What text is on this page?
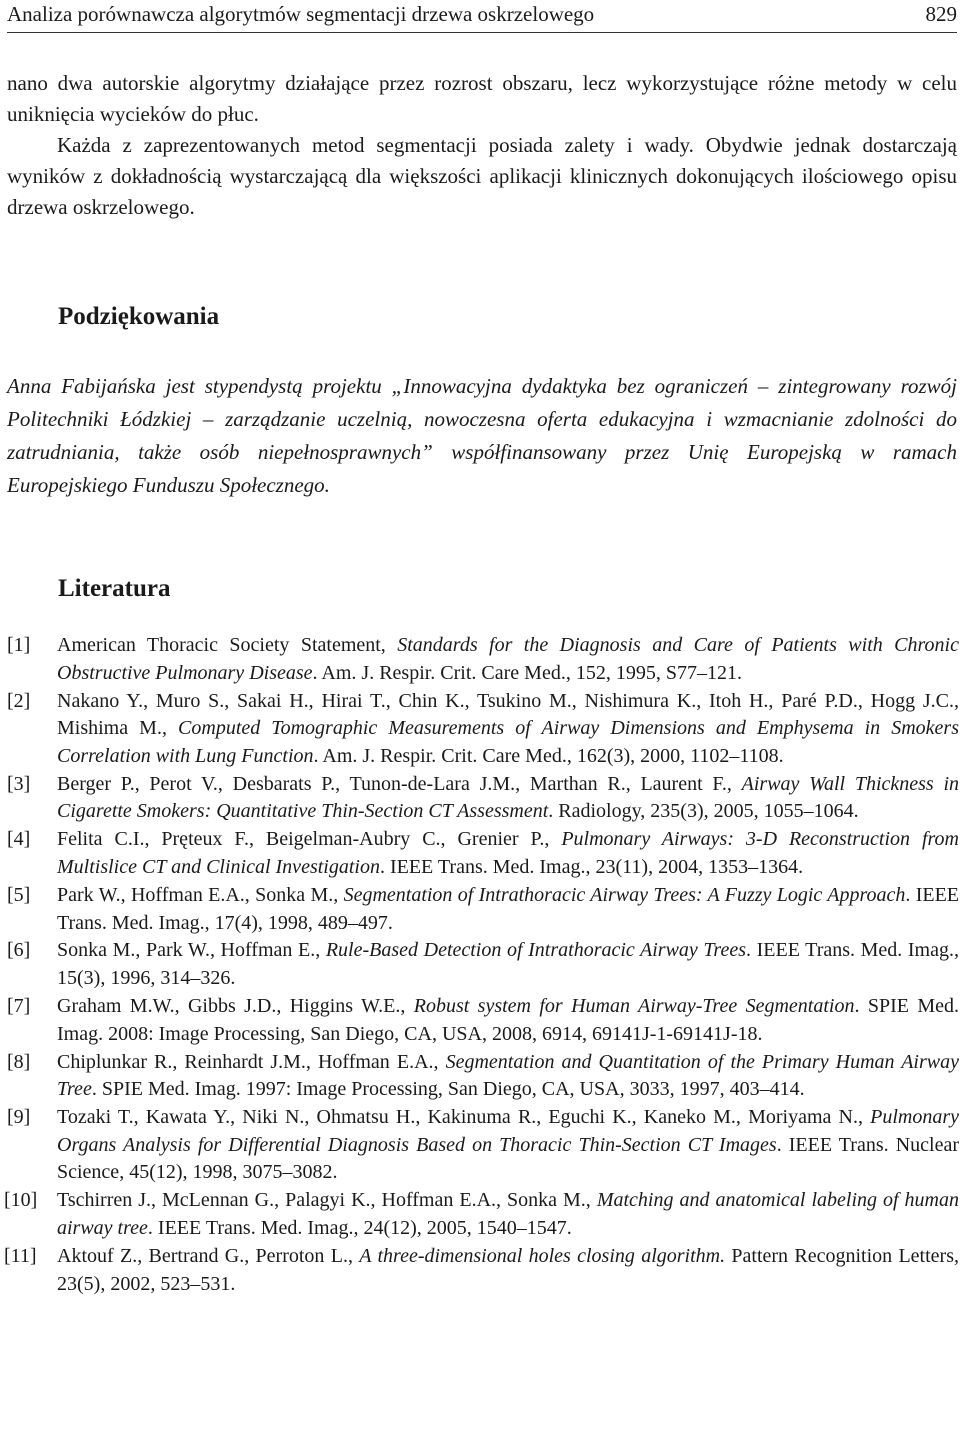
Analiza porównawcza algorytmów segmentacji drzewa oskrzelowego	829

nano dwa autorskie algorytmy działające przez rozrost obszaru, lecz wykorzystujące różne metody w celu uniknięcia wycieków do płuc.

Każda z zaprezentowanych metod segmentacji posiada zalety i wady. Obydwie jednak dostarczają wyników z dokładnością wystarczającą dla większości aplikacji klinicznych dokonujących ilościowego opisu drzewa oskrzelowego.

Podziękowania

Anna Fabijańska jest stypendystą projektu „Innowacyjna dydaktyka bez ograniczeń – zintegrowany rozwój Politechniki Łódzkiej – zarządzanie uczelnią, nowoczesna oferta edukacyjna i wzmacnianie zdolności do zatrudniania, także osób niepełnosprawnych” współfinansowany przez Unię Europejską w ramach Europejskiego Funduszu Społecznego.

Literatura
[1] American Thoracic Society Statement, Standards for the Diagnosis and Care of Patients with Chronic Obstructive Pulmonary Disease. Am. J. Respir. Crit. Care Med., 152, 1995, S77–121.
[2] Nakano Y., Muro S., Sakai H., Hirai T., Chin K., Tsukino M., Nishimura K., Itoh H., Paré P.D., Hogg J.C., Mishima M., Computed Tomographic Measurements of Airway Dimensions and Emphysema in Smokers Correlation with Lung Function. Am. J. Respir. Crit. Care Med., 162(3), 2000, 1102–1108.
[3] Berger P., Perot V., Desbarats P., Tunon-de-Lara J.M., Marthan R., Laurent F., Airway Wall Thickness in Cigarette Smokers: Quantitative Thin-Section CT Assessment. Radiology, 235(3), 2005, 1055–1064.
[4] Felita C.I., Pręteux F., Beigelman-Aubry C., Grenier P., Pulmonary Airways: 3-D Reconstruction from Multislice CT and Clinical Investigation. IEEE Trans. Med. Imag., 23(11), 2004, 1353–1364.
[5] Park W., Hoffman E.A., Sonka M., Segmentation of Intrathoracic Airway Trees: A Fuzzy Logic Approach. IEEE Trans. Med. Imag., 17(4), 1998, 489–497.
[6] Sonka M., Park W., Hoffman E., Rule-Based Detection of Intrathoracic Airway Trees. IEEE Trans. Med. Imag., 15(3), 1996, 314–326.
[7] Graham M.W., Gibbs J.D., Higgins W.E., Robust system for Human Airway-Tree Segmentation. SPIE Med. Imag. 2008: Image Processing, San Diego, CA, USA, 2008, 6914, 69141J-1-69141J-18.
[8] Chiplunkar R., Reinhardt J.M., Hoffman E.A., Segmentation and Quantitation of the Primary Human Airway Tree. SPIE Med. Imag. 1997: Image Processing, San Diego, CA, USA, 3033, 1997, 403–414.
[9] Tozaki T., Kawata Y., Niki N., Ohmatsu H., Kakinuma R., Eguchi K., Kaneko M., Moriyama N., Pulmonary Organs Analysis for Differential Diagnosis Based on Thoracic Thin-Section CT Images. IEEE Trans. Nuclear Science, 45(12), 1998, 3075–3082.
[10] Tschirren J., McLennan G., Palagyi K., Hoffman E.A., Sonka M., Matching and anatomical labeling of human airway tree. IEEE Trans. Med. Imag., 24(12), 2005, 1540–1547.
[11] Aktouf Z., Bertrand G., Perroton L., A three-dimensional holes closing algorithm. Pattern Recognition Letters, 23(5), 2002, 523–531.
